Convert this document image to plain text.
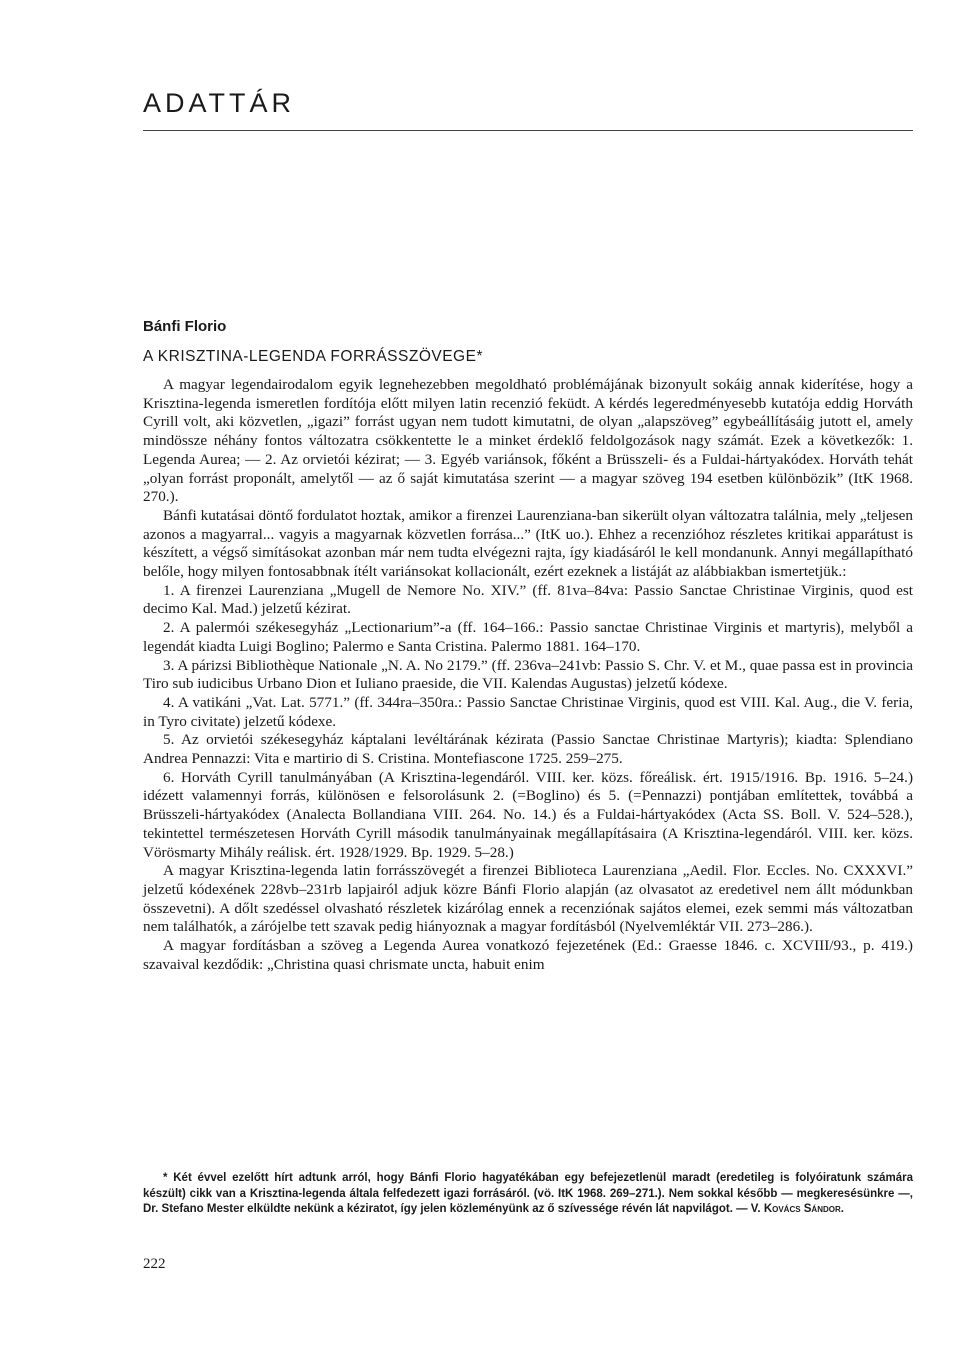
ADATTÁR
Bánfi Florio
A KRISZTINA-LEGENDA FORRÁSSZÖVEGE*

A magyar legendairodalom egyik legnehezebben megoldható problémájának bizonyult sokáig annak kiderítése, hogy a Krisztina-legenda ismeretlen fordítója előtt milyen latin recenzió feküdt. A kérdés legeredményesebb kutatója eddig Horváth Cyrill volt, aki közvetlen, „igazi” forrást ugyan nem tudott kimutatni, de olyan „alapszöveg” egybeállításáig jutott el, amely mindössze néhány fontos változatra csökkentette le a minket érdeklő feldolgozások nagy számát. Ezek a következők: 1. Legenda Aurea; — 2. Az orvietói kézirat; — 3. Egyéb variánsok, főként a Brüsszeli- és a Fuldai-hártyakódex. Horváth tehát „olyan forrást proponált, amelytől — az ő saját kimutatása szerint — a magyar szöveg 194 esetben különbözik” (ItK 1968. 270.).

Bánfi kutatásai döntő fordulatot hoztak, amikor a firenzei Laurenziana-ban sikerült olyan változatra találnia, mely „teljesen azonos a magyarral... vagyis a magyarnak közvetlen forrása...” (ItK uo.). Ehhez a recenzióhoz részletes kritikai apparátust is készített, a végső simításokat azonban már nem tudta elvégezni rajta, így kiadásáról le kell mondanunk. Annyi megállapítható belőle, hogy milyen fontosabbnak ítélt variánsokat kollacionált, ezért ezeknek a listáját az alábbiakban ismertetjük.:

1. A firenzei Laurenziana „Mugell de Nemore No. XIV.” (ff. 81va–84va: Passio Sanctae Christinae Virginis, quod est decimo Kal. Mad.) jelzetű kézirat.

2. A palermói székesegyház „Lectionarium”-a (ff. 164–166.: Passio sanctae Christinae Virginis et martyris), melyből a legendát kiadta Luigi Boglino; Palermo e Santa Cristina. Palermo 1881. 164–170.

3. A párizsi Bibliothèque Nationale „N. A. No 2179.” (ff. 236va–241vb: Passio S. Chr. V. et M., quae passa est in provincia Tiro sub iudicibus Urbano Dion et Iuliano praeside, die VII. Kalendas Augustas) jelzetű kódexe.

4. A vatikáni „Vat. Lat. 5771.” (ff. 344ra–350ra.: Passio Sanctae Christinae Virginis, quod est VIII. Kal. Aug., die V. feria, in Tyro civitate) jelzetű kódexe.

5. Az orvietói székesegyház káptalani levéltárának kézirata (Passio Sanctae Christinae Martyris); kiadta: Splendiano Andrea Pennazzi: Vita e martirio di S. Cristina. Montefiascone 1725. 259–275.

6. Horváth Cyrill tanulmányában (A Krisztina-legendáról. VIII. ker. közs. főreálisk. ért. 1915/1916. Bp. 1916. 5–24.) idézett valamennyi forrás, különösen e felsorolásunk 2. (=Boglino) és 5. (=Pennazzi) pontjában említettek, továbbá a Brüsszeli-hártyakódex (Analecta Bollandiana VIII. 264. No. 14.) és a Fuldai-hártyakódex (Acta SS. Boll. V. 524–528.), tekintettel természetesen Horváth Cyrill második tanulmányainak megállapításaira (A Krisztina-legendáról. VIII. ker. közs. Vörösmarty Mihály reálisk. ért. 1928/1929. Bp. 1929. 5–28.)

A magyar Krisztina-legenda latin forrásszövegét a firenzei Biblioteca Laurenziana „Aedil. Flor. Eccles. No. CXXXVI.” jelzetű kódexének 228vb–231rb lapjairól adjuk közre Bánfi Florio alapján (az olvasatot az eredetivel nem állt módunkban összevetni). A dőlt szedéssel olvasható részletek kizárólag ennek a recenziónak sajátos elemei, ezek semmi más változatban nem találhatók, a zárójelbe tett szavak pedig hiányoznak a magyar fordításból (Nyelvemléktár VII. 273–286.).

A magyar fordításban a szöveg a Legenda Aurea vonatkozó fejezetének (Ed.: Graesse 1846. c. XCVIII/93., p. 419.) szavaival kezdődik: „Christina quasi chrismate uncta, habuit enim

* Két évvel ezelőtt hírt adtunk arról, hogy Bánfi Florio hagyatékában egy befejezetlenül maradt (eredetileg is folyóiratunk számára készült) cikk van a Krisztina-legenda általa felfedezett igazi forrásáról. (vö. ItK 1968. 269–271.). Nem sokkal később — megkeresésünkre —, Dr. Stefano Mester elküldte nekünk a kéziratot, így jelen közleményünk az ő szívessége révén lát napvilágot. — V. Kovács Sándor.

222
